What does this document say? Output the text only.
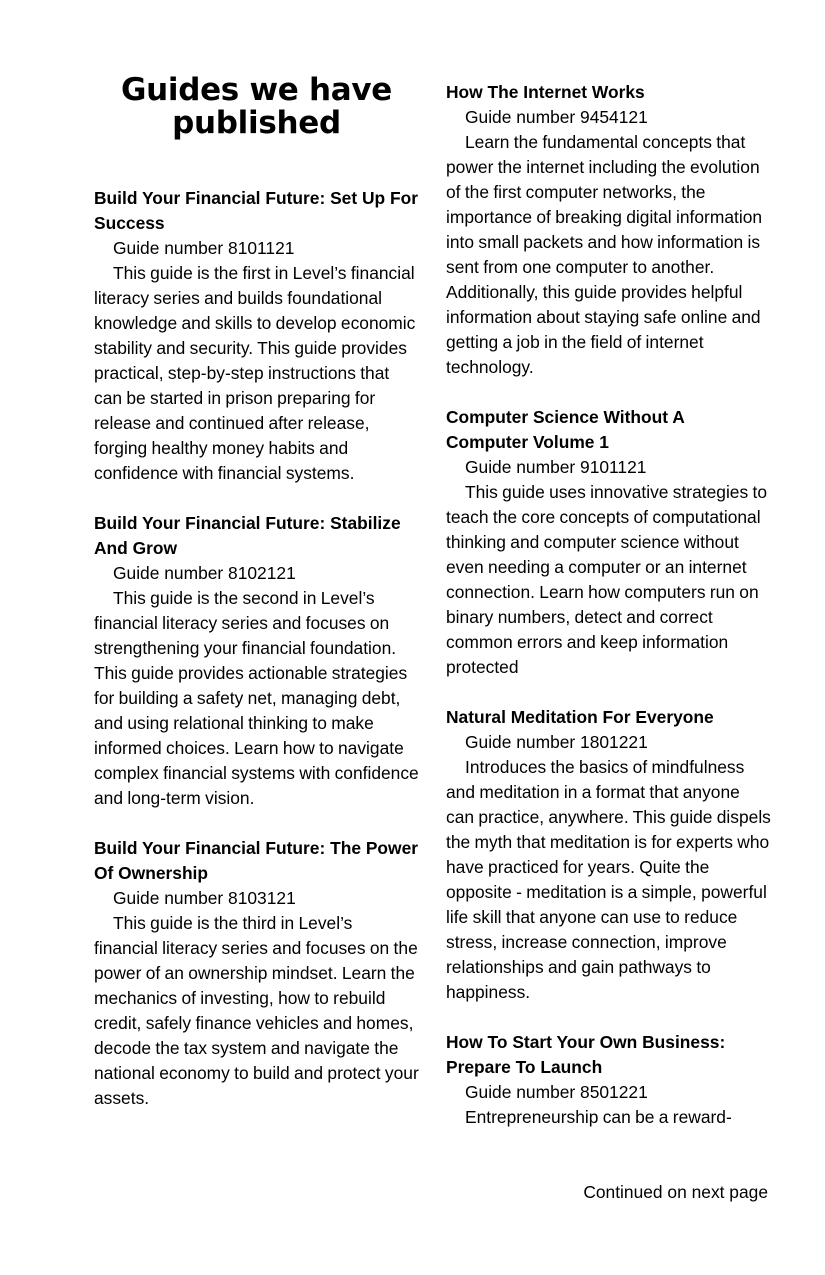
Guides we have published

Build Your Financial Future: Set Up For Success

Guide number 8101121

This guide is the first in Level’s financial literacy series and builds foundational knowledge and skills to develop economic stability and security. This guide provides practical, step-by-step instructions that can be started in prison preparing for release and continued after release, forging healthy money habits and confidence with financial systems.

Build Your Financial Future: Stabilize And Grow

Guide number 8102121

This guide is the second in Level’s financial literacy series and focuses on strengthening your financial foundation. This guide provides actionable strategies for building a safety net, managing debt, and using relational thinking to make informed choices. Learn how to navigate complex financial systems with confidence and long-term vision.

Build Your Financial Future: The Power Of Ownership

Guide number 8103121

This guide is the third in Level’s financial literacy series and focuses on the power of an ownership mindset. Learn the mechanics of investing, how to rebuild credit, safely finance vehicles and homes, decode the tax system and navigate the national economy to build and protect your assets.

How The Internet Works

Guide number 9454121

Learn the fundamental concepts that power the internet including the evolution of the first computer networks, the importance of breaking digital information into small packets and how information is sent from one computer to another. Additionally, this guide provides helpful information about staying safe online and getting a job in the field of internet technology.

Computer Science Without A Computer Volume 1

Guide number 9101121

This guide uses innovative strategies to teach the core concepts of computational thinking and computer science without even needing a computer or an internet connection. Learn how computers run on binary numbers, detect and correct common errors and keep information protected

Natural Meditation For Everyone

Guide number 1801221

Introduces the basics of mindfulness and meditation in a format that anyone can practice, anywhere. This guide dispels the myth that meditation is for experts who have practiced for years. Quite the opposite - meditation is a simple, powerful life skill that anyone can use to reduce stress, increase connection, improve relationships and gain pathways to happiness.

How To Start Your Own Business: Prepare To Launch

Guide number 8501221

Entrepreneurship can be a reward-

Continued on next page
